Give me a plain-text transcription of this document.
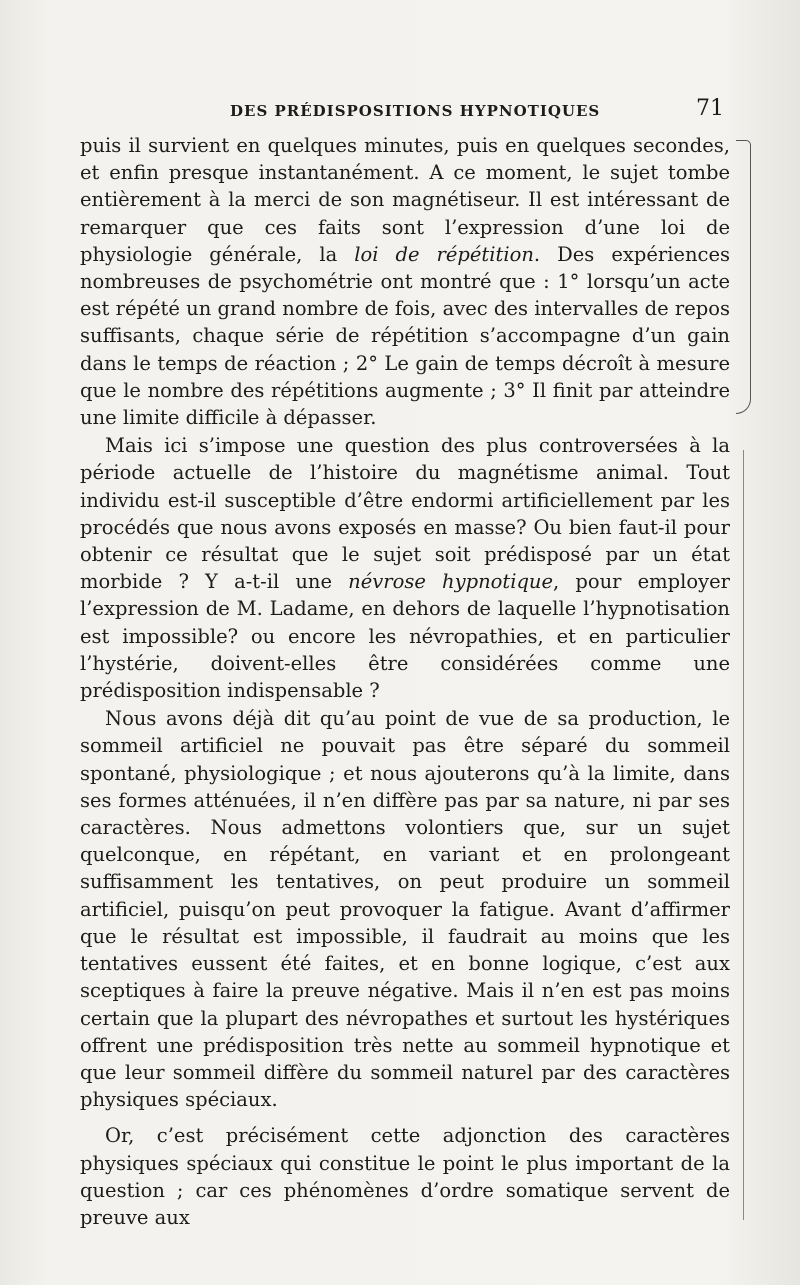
DES PRÉDISPOSITIONS HYPNOTIQUES	71

puis il survient en quelques minutes, puis en quelques secondes, et enfin presque instantanément. A ce moment, le sujet tombe entièrement à la merci de son magnétiseur. Il est intéressant de remarquer que ces faits sont l’expression d’une loi de physiologie générale, la loi de répétition. Des expériences nombreuses de psychométrie ont montré que : 1° lorsqu’un acte est répété un grand nombre de fois, avec des intervalles de repos suffisants, chaque série de répétition s’accompagne d’un gain dans le temps de réaction ; 2° Le gain de temps décroît à mesure que le nombre des répétitions augmente ; 3° Il finit par atteindre une limite difficile à dépasser.

Mais ici s’impose une question des plus controversées à la période actuelle de l’histoire du magnétisme animal. Tout individu est-il susceptible d’être endormi artificiellement par les procédés que nous avons exposés en masse? Ou bien faut-il pour obtenir ce résultat que le sujet soit prédisposé par un état morbide ? Y a-t-il une névrose hypnotique, pour employer l’expression de M. Ladame, en dehors de laquelle l’hypnotisation est impossible? ou encore les névropathies, et en particulier l’hystérie, doivent-elles être considérées comme une prédisposition indispensable ?

Nous avons déjà dit qu’au point de vue de sa production, le sommeil artificiel ne pouvait pas être séparé du sommeil spontané, physiologique ; et nous ajouterons qu’à la limite, dans ses formes atténuées, il n’en diffère pas par sa nature, ni par ses caractères. Nous admettons volontiers que, sur un sujet quelconque, en répétant, en variant et en prolongeant suffisamment les tentatives, on peut produire un sommeil artificiel, puisqu’on peut provoquer la fatigue. Avant d’affirmer que le résultat est impossible, il faudrait au moins que les tentatives eussent été faites, et en bonne logique, c’est aux sceptiques à faire la preuve négative. Mais il n’en est pas moins certain que la plupart des névropathes et surtout les hystériques offrent une prédisposition très nette au sommeil hypnotique et que leur sommeil diffère du sommeil naturel par des caractères physiques spéciaux.

Or, c’est précisément cette adjonction des caractères physiques spéciaux qui constitue le point le plus important de la question ; car ces phénomènes d’ordre somatique servent de preuve aux
